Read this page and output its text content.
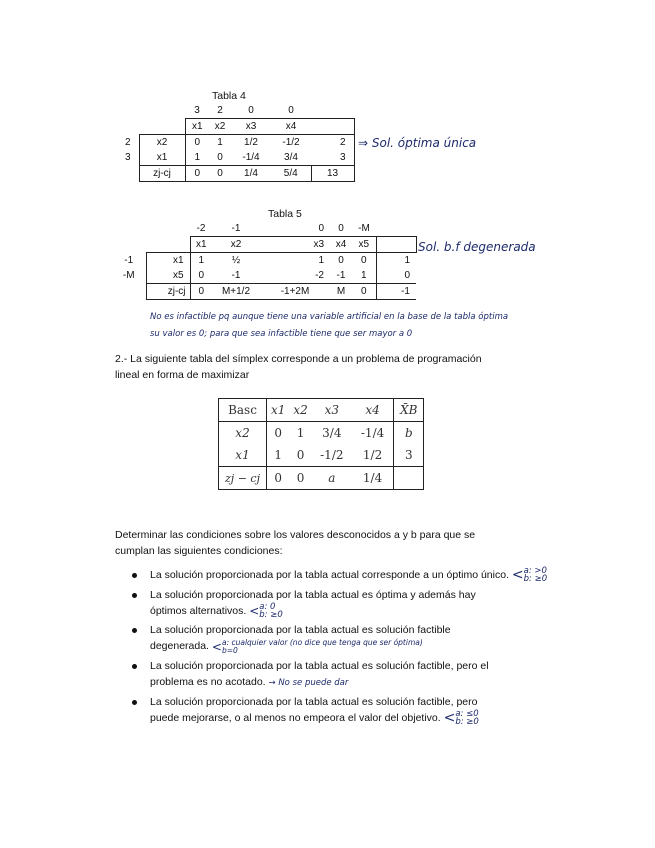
Tabla 4
		3	2	0	0	
		x1	x2	x3	x4	
2	x2	0	1	1/2	-1/2	2
3	x1	1	0	-1/4	3/4	3
	zj-cj	0	0	1/4	5/4	13
⇒ Sol. óptima única
Tabla 5
		-2	-1	0	0	-M	
		x1	x2	x3	x4	x5	
-1	x1	1	½	1	0	0	1
-M	x5	0	-1	-2	-1	1	0
	zj-cj	0	M+1/2	-1+2M	M	0	-1
Sol. b.f degenerada
No es infactible pq aunque tiene una variable artificial en la base de la tabla óptima
su valor es 0; para que sea infactible tiene que ser mayor a 0
2.- La siguiente tabla del símplex corresponde a un problema de programación
lineal en forma de maximizar
Basc	x1	x2	x3	x4	X̄B
x2	0	1	3/4	-1/4	b
x1	1	0	-1/2	1/2	3
zj − cj	0	0	a	1/4	
Determinar las condiciones sobre los valores desconocidos a y b para que se
cumplan las siguientes condiciones:
La solución proporcionada por la tabla actual corresponde a un óptimo único. < a: >0
b: ≥0
La solución proporcionada por la tabla actual es óptima y además hay
óptimos alternativos. < a: 0
b: ≥0
La solución proporcionada por la tabla actual es solución factible
degenerada. < a: cualquier valor (no dice que tenga que ser óptima)
b=0
La solución proporcionada por la tabla actual es solución factible, pero el
problema es no acotado. → No se puede dar
La solución proporcionada por la tabla actual es solución factible, pero
puede mejorarse, o al menos no empeora el valor del objetivo. < a: ≤0
b: ≥0
